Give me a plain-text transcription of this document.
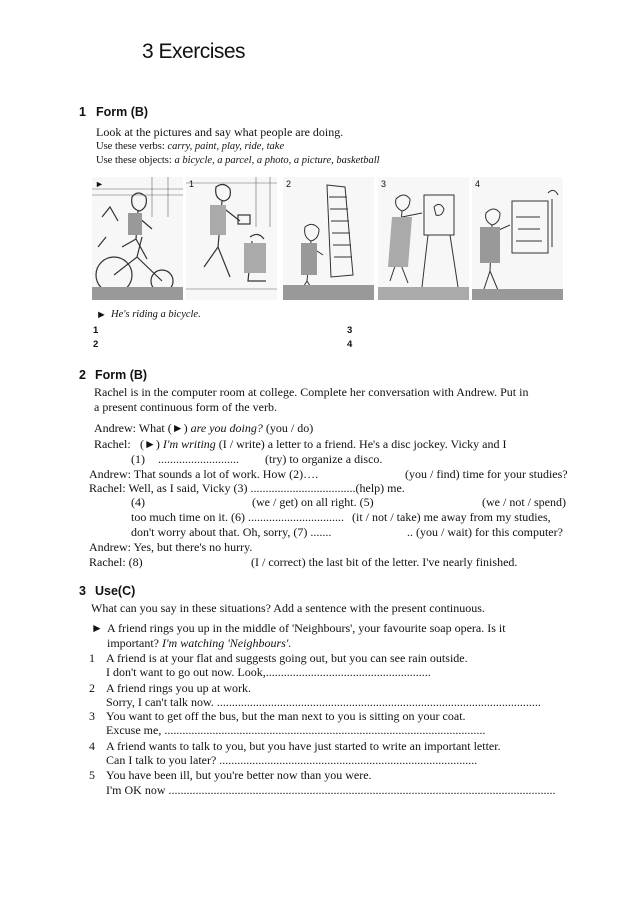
3 Exercises
1 Form (B)
Look at the pictures and say what people are doing.
Use these verbs: carry, paint, play, ride, take
Use these objects: a bicycle, a parcel, a photo, a picture, basketball
►	1	2	3	4
► He's riding a bicycle.
1
2
3
4
2 Form (B)
Rachel is in the computer room at college. Complete her conversation with Andrew. Put in
a present continuous form of the verb.
Andrew: What (►) are you doing? (you / do)
Rachel: (►) I'm writing (I / write) a letter to a friend. He's a disc jockey. Vicky and I
(1) ........................... (try) to organize a disco.
Andrew: That sounds a lot of work. How (2)….	(you / find) time for your studies?
Rachel: Well, as I said, Vicky (3) ...................................(help) me.
(4)	(we / get) on all right. (5)	(we / not / spend)
too much time on it. (6) ................................ (it / not / take) me away from my studies,
don't worry about that. Oh, sorry, (7) .......	.. (you / wait) for this computer?
Andrew: Yes, but there's no hurry.
Rachel: (8)	(I / correct) the last bit of the letter. I've nearly finished.
3 Use(C)
What can you say in these situations? Add a sentence with the present continuous.
► A friend rings you up in the middle of 'Neighbours', your favourite soap opera. Is it
important? I'm watching 'Neighbours'.
1 A friend is at your flat and suggests going out, but you can see rain outside.
I don't want to go out now. Look,.......................................................
2 A friend rings you up at work.
Sorry, I can't talk now. ............................................................................................................
3 You want to get off the bus, but the man next to you is sitting on your coat.
Excuse me, ...........................................................................................................
4 A friend wants to talk to you, but you have just started to write an important letter.
Can I talk to you later? ......................................................................................
5 You have been ill, but you're better now than you were.
I'm OK now .................................................................................................................................
